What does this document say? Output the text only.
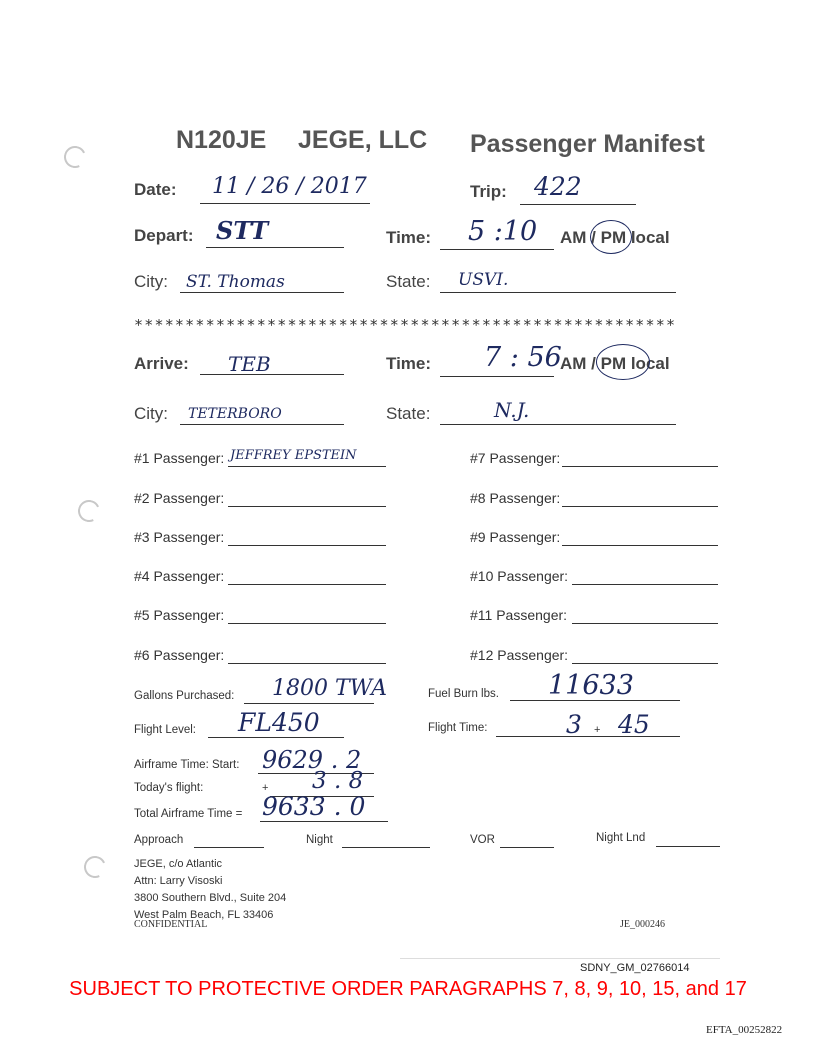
N120JE JEGE, LLC Passenger Manifest
Date: 11 / 26 / 2017	Trip: 422
Depart: STT	Time: 5 :10 AM / PM local
City: ST. Thomas	State: USVI.
*****************************************************
Arrive: TEB	Time: 7 : 56
AM / PM local
City: TETERBORO	State:	N.J.
#1 Passenger: JEFFREY EPSTEIN
#2 Passenger:
#3 Passenger:
#4 Passenger:
#5 Passenger:
#6 Passenger:
#7 Passenger:
#8 Passenger:
#9 Passenger:
#10 Passenger:
#11 Passenger:
#12 Passenger:
Gallons Purchased: 1800 TWA	Fuel Burn lbs. 11633
Flight Level: FL450	Flight Time:	3 + 45
Airframe Time: Start: 9629 . 2
Today's flight:	+ 3 . 8
Total Airframe Time = 9633 . 0
Approach	Night	VOR	Night Lnd
JEGE, c/o Atlantic
Attn: Larry Visoski
3800 Southern Blvd., Suite 204
West Palm Beach, FL 33406
CONFIDENTIAL	JE_000246
SDNY_GM_02766014
SUBJECT TO PROTECTIVE ORDER PARAGRAPHS 7, 8, 9, 10, 15, and 17
EFTA_00252822
